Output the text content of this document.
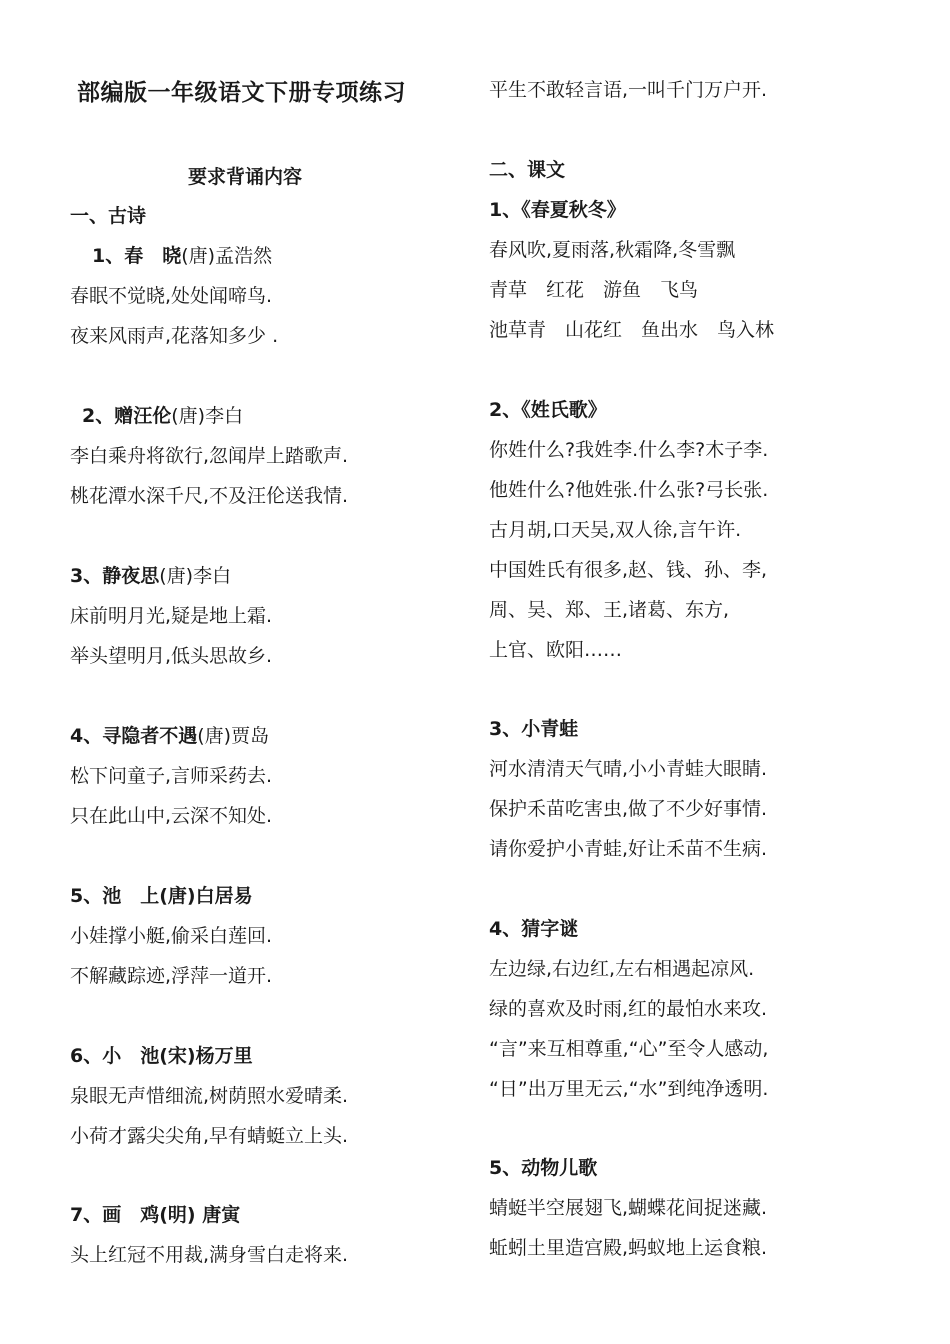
部编版一年级语文下册专项练习
要求背诵内容
一、古诗
1、春　晓(唐)孟浩然
春眠不觉晓,处处闻啼鸟.
夜来风雨声,花落知多少 .
2、赠汪伦(唐)李白
李白乘舟将欲行,忽闻岸上踏歌声.
桃花潭水深千尺,不及汪伦送我情.
3、静夜思(唐)李白
床前明月光,疑是地上霜.
举头望明月,低头思故乡.
4、寻隐者不遇(唐)贾岛
松下问童子,言师采药去.
只在此山中,云深不知处.
5、池　上(唐)白居易
小娃撑小艇,偷采白莲回.
不解藏踪迹,浮萍一道开.
6、小　池(宋)杨万里
泉眼无声惜细流,树荫照水爱晴柔.
小荷才露尖尖角,早有蜻蜓立上头.
7、画　鸡(明) 唐寅
头上红冠不用裁,满身雪白走将来.
平生不敢轻言语,一叫千门万户开.
二、课文
1、《春夏秋冬》
春风吹,夏雨落,秋霜降,冬雪飘
青草　红花　游鱼　飞鸟
池草青　山花红　鱼出水　鸟入林
2、《姓氏歌》
你姓什么?我姓李.什么李?木子李.
他姓什么?他姓张.什么张?弓长张.
古月胡,口天吴,双人徐,言午许.
中国姓氏有很多,赵、钱、孙、李,
周、吴、郑、王,诸葛、东方,
上官、欧阳……
3、小青蛙
河水清清天气晴,小小青蛙大眼睛.
保护禾苗吃害虫,做了不少好事情.
请你爱护小青蛙,好让禾苗不生病.
4、猜字谜
左边绿,右边红,左右相遇起凉风.
绿的喜欢及时雨,红的最怕水来攻.
“言”来互相尊重,“心”至令人感动,
“日”出万里无云,“水”到纯净透明.
5、动物儿歌
蜻蜓半空展翅飞,蝴蝶花间捉迷藏.
蚯蚓土里造宫殿,蚂蚁地上运食粮.
